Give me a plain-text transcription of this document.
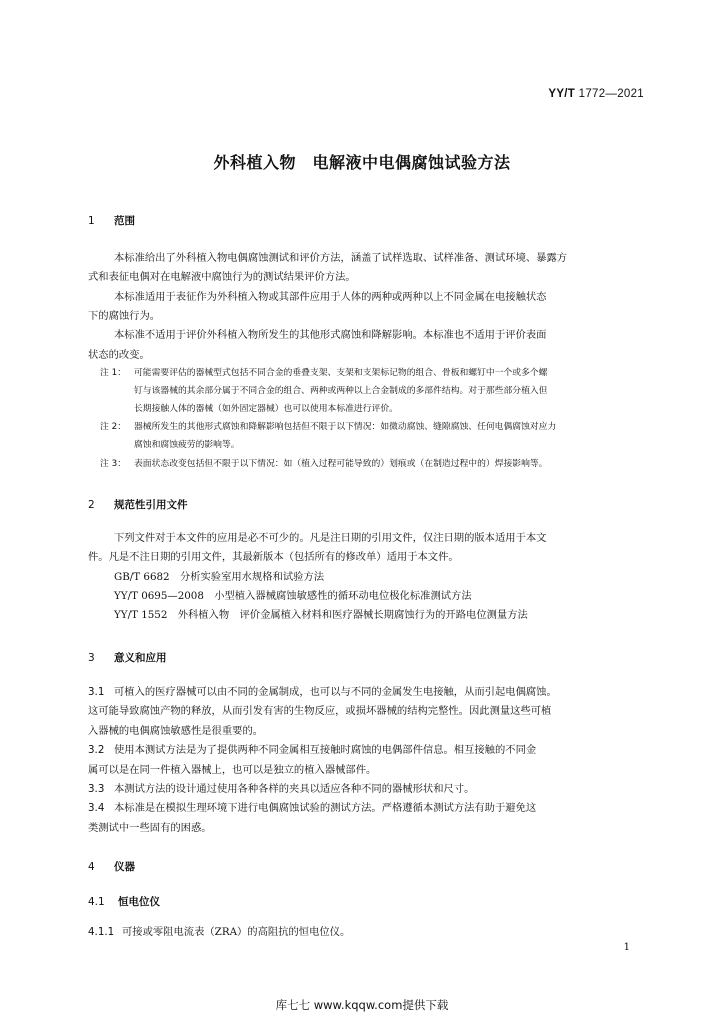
YY/T 1772—2021
外科植入物　电解液中电偶腐蚀试验方法
1 范围
本标准给出了外科植入物电偶腐蚀测试和评价方法，涵盖了试样选取、试样准备、测试环境、暴露方
式和表征电偶对在电解液中腐蚀行为的测试结果评价方法。
本标准适用于表征作为外科植入物或其部件应用于人体的两种或两种以上不同金属在电接触状态
下的腐蚀行为。
本标准不适用于评价外科植入物所发生的其他形式腐蚀和降解影响。本标准也不适用于评价表面
状态的改变。
注 1： 可能需要评估的器械型式包括不同合金的垂叠支架、支架和支架标记物的组合、骨板和螺钉中一个或多个螺
钉与该器械的其余部分属于不同合金的组合、两种或两种以上合金制成的多部件结构。对于那些部分植入但
长期接触人体的器械（如外固定器械）也可以使用本标准进行评价。
注 2： 器械所发生的其他形式腐蚀和降解影响包括但不限于以下情况：如微动腐蚀、缝隙腐蚀、任何电偶腐蚀对应力
腐蚀和腐蚀疲劳的影响等。
注 3： 表面状态改变包括但不限于以下情况：如（植入过程可能导致的）划痕或（在制造过程中的）焊接影响等。
2 规范性引用文件
下列文件对于本文件的应用是必不可少的。凡是注日期的引用文件，仅注日期的版本适用于本文
件。凡是不注日期的引用文件，其最新版本（包括所有的修改单）适用于本文件。
GB/T 6682　分析实验室用水规格和试验方法
YY/T 0695—2008　小型植入器械腐蚀敏感性的循环动电位极化标准测试方法
YY/T 1552　外科植入物　评价金属植入材料和医疗器械长期腐蚀行为的开路电位测量方法
3 意义和应用
3.1 可植入的医疗器械可以由不同的金属制成，也可以与不同的金属发生电接触，从而引起电偶腐蚀。
这可能导致腐蚀产物的释放，从而引发有害的生物反应，或损坏器械的结构完整性。因此测量这些可植
入器械的电偶腐蚀敏感性是很重要的。
3.2 使用本测试方法是为了提供两种不同金属相互接触时腐蚀的电偶部件信息。相互接触的不同金
属可以是在同一件植入器械上，也可以是独立的植入器械部件。
3.3 本测试方法的设计通过使用各种各样的夹具以适应各种不同的器械形状和尺寸。
3.4 本标准是在模拟生理环境下进行电偶腐蚀试验的测试方法。严格遵循本测试方法有助于避免这
类测试中一些固有的困惑。
4 仪器
4.1 恒电位仪
4.1.1 可接或零阻电流表（ZRA）的高阻抗的恒电位仪。
1
库七七 www.kqqw.com提供下载
